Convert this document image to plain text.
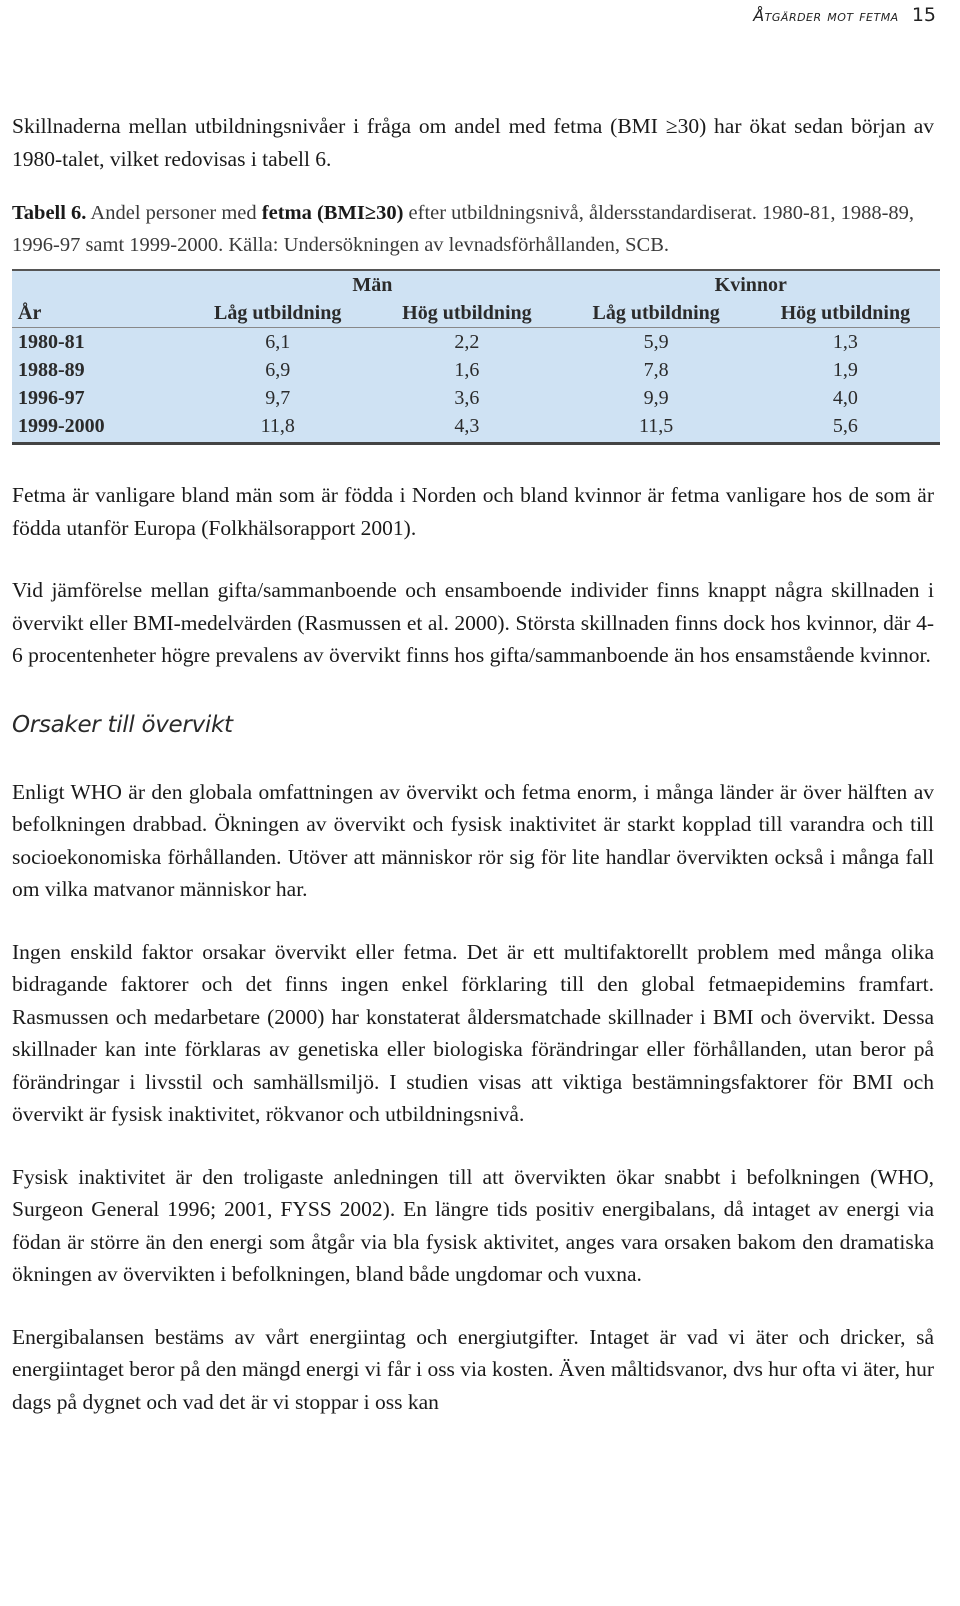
Åtgärder mot fetma 15

Skillnaderna mellan utbildningsnivåer i fråga om andel med fetma (BMI ≥30) har ökat sedan början av 1980-talet, vilket redovisas i tabell 6.

Tabell 6. Andel personer med fetma (BMI≥30) efter utbildningsnivå, åldersstandardiserat. 1980-81, 1988-89, 1996-97 samt 1999-2000. Källa: Undersökningen av levnadsförhållanden, SCB.

	Män		Kvinnor	
År	Låg utbildning	Hög utbildning	Låg utbildning	Hög utbildning
1980-81	6,1	2,2	5,9	1,3
1988-89	6,9	1,6	7,8	1,9
1996-97	9,7	3,6	9,9	4,0
1999-2000	11,8	4,3	11,5	5,6

Fetma är vanligare bland män som är födda i Norden och bland kvinnor är fetma vanligare hos de som är födda utanför Europa (Folkhälsorapport 2001).

Vid jämförelse mellan gifta/sammanboende och ensamboende individer finns knappt några skillnaden i övervikt eller BMI-medelvärden (Rasmussen et al. 2000). Största skillnaden finns dock hos kvinnor, där 4-6 procentenheter högre prevalens av övervikt finns hos gifta/sammanboende än hos ensamstående kvinnor.

Orsaker till övervikt

Enligt WHO är den globala omfattningen av övervikt och fetma enorm, i många länder är över hälften av befolkningen drabbad. Ökningen av övervikt och fysisk inaktivitet är starkt kopplad till varandra och till socioekonomiska förhållanden. Utöver att människor rör sig för lite handlar övervikten också i många fall om vilka matvanor människor har.

Ingen enskild faktor orsakar övervikt eller fetma. Det är ett multifaktorellt problem med många olika bidragande faktorer och det finns ingen enkel förklaring till den global fetmaepidemins framfart. Rasmussen och medarbetare (2000) har konstaterat åldersmatchade skillnader i BMI och övervikt. Dessa skillnader kan inte förklaras av genetiska eller biologiska förändringar eller förhållanden, utan beror på förändringar i livsstil och samhällsmiljö. I studien visas att viktiga bestämningsfaktorer för BMI och övervikt är fysisk inaktivitet, rökvanor och utbildningsnivå.

Fysisk inaktivitet är den troligaste anledningen till att övervikten ökar snabbt i befolkningen (WHO, Surgeon General 1996; 2001, FYSS 2002). En längre tids positiv energibalans, då intaget av energi via födan är större än den energi som åtgår via bla fysisk aktivitet, anges vara orsaken bakom den dramatiska ökningen av övervikten i befolkningen, bland både ungdomar och vuxna.

Energibalansen bestäms av vårt energiintag och energiutgifter. Intaget är vad vi äter och dricker, så energiintaget beror på den mängd energi vi får i oss via kosten. Även måltidsvanor, dvs hur ofta vi äter, hur dags på dygnet och vad det är vi stoppar i oss kan
